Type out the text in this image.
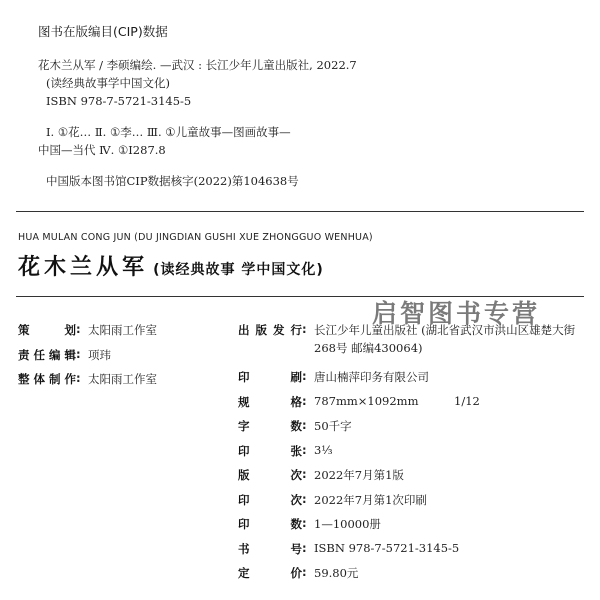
图书在版编目(CIP)数据
花木兰从军 / 李硕编绘. —武汉 : 长江少年儿童出版社, 2022.7
(读经典故事学中国文化)
ISBN 978-7-5721-3145-5
Ⅰ. ①花… Ⅱ. ①李… Ⅲ. ①儿童故事—图画故事—
中国—当代 Ⅳ. ①I287.8
中国版本图书馆CIP数据核字(2022)第104638号
HUA MULAN CONG JUN (DU JINGDIAN GUSHI XUE ZHONGGUO WENHUA)
花木兰从军 (读经典故事 学中国文化)
启智图书专营
策 划 : 太阳雨工作室
责任编辑 : 项玮
整体制作 : 太阳雨工作室
出版发行 : 长江少年儿童出版社 (湖北省武汉市洪山区雄楚大街268号 邮编430064)
印 刷 : 唐山楠萍印务有限公司
规 格 : 787mm×1092mm	1/12
字 数 : 50千字
印 张 : 3⅓
版 次 : 2022年7月第1版
印 次 : 2022年7月第1次印刷
印 数 : 1—10000册
书 号 : ISBN 978-7-5721-3145-5
定 价 : 59.80元
